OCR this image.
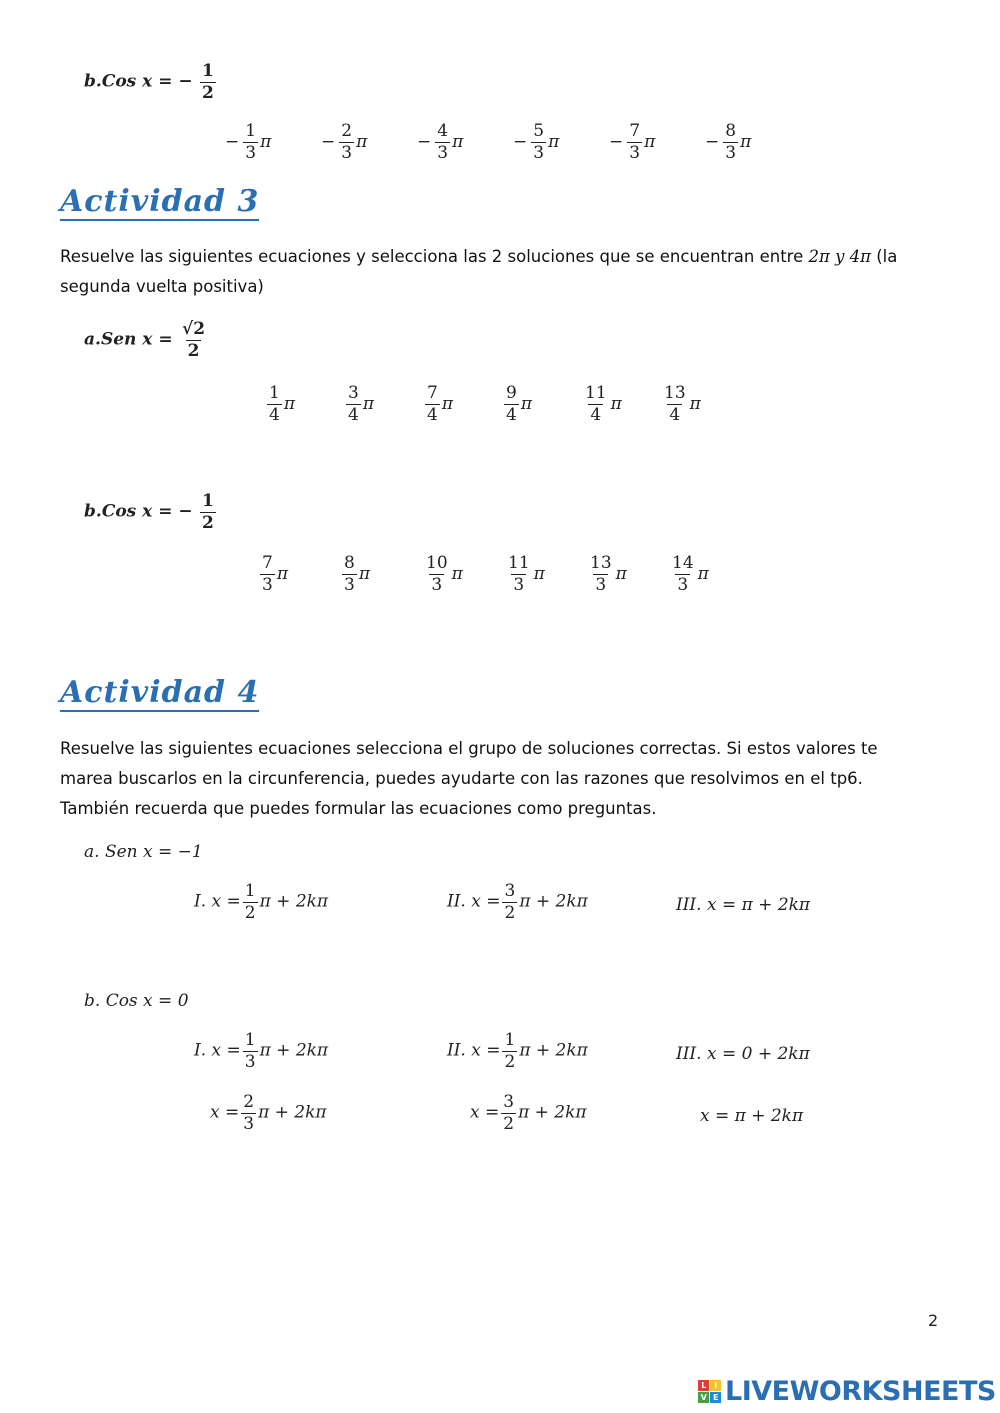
b.Cos x = − $\frac{1}{2}$
− $\frac{1}{3}$ π	− $\frac{2}{3}$ π	− $\frac{4}{3}$ π	− $\frac{5}{3}$ π	− $\frac{7}{3}$ π	− $\frac{8}{3}$ π
Actividad 3
Resuelve las siguientes ecuaciones y selecciona las 2 soluciones que se encuentran entre 2π y 4π (la segunda vuelta positiva)
a.Sen $x = \frac{√2}{2}$
$\frac{1}{4}$ π	$\frac{3}{4}$ π	$\frac{7}{4}$ π	$\frac{9}{4}$ π	$\frac{11}{4}$ π $\frac{13}{4}$ π
b.Cos x = − $\frac{1}{2}$
$\frac{7}{3}$ π	$\frac{8}{3}$ π	$\frac{10}{3}$ π	$\frac{11}{3}$ π	$\frac{13}{3}$ π	$\frac{14}{3}$ π
Actividad 4
Resuelve las siguientes ecuaciones selecciona el grupo de soluciones correctas. Si estos valores te marea buscarlos en la circunferencia, puedes ayudarte con las razones que resolvimos en el tp6. También recuerda que puedes formular las ecuaciones como preguntas.
a. Sen x = −1
I. $x = \frac{1}{2}$ π + 2kπ	II. $x = \frac{3}{2}$ π + 2kπ	III. x = π + 2kπ
b. Cos x = 0
I. $x = \frac{1}{3}$ π + 2kπ	II. $x = \frac{1}{2}$ π + 2kπ	III. x = 0 + 2kπ
$x = \frac{2}{3}$ π + 2kπ	$x = \frac{3}{2}$ π + 2kπ	x = π + 2kπ
2
L	I
V E LIVEWORKSHEETS
